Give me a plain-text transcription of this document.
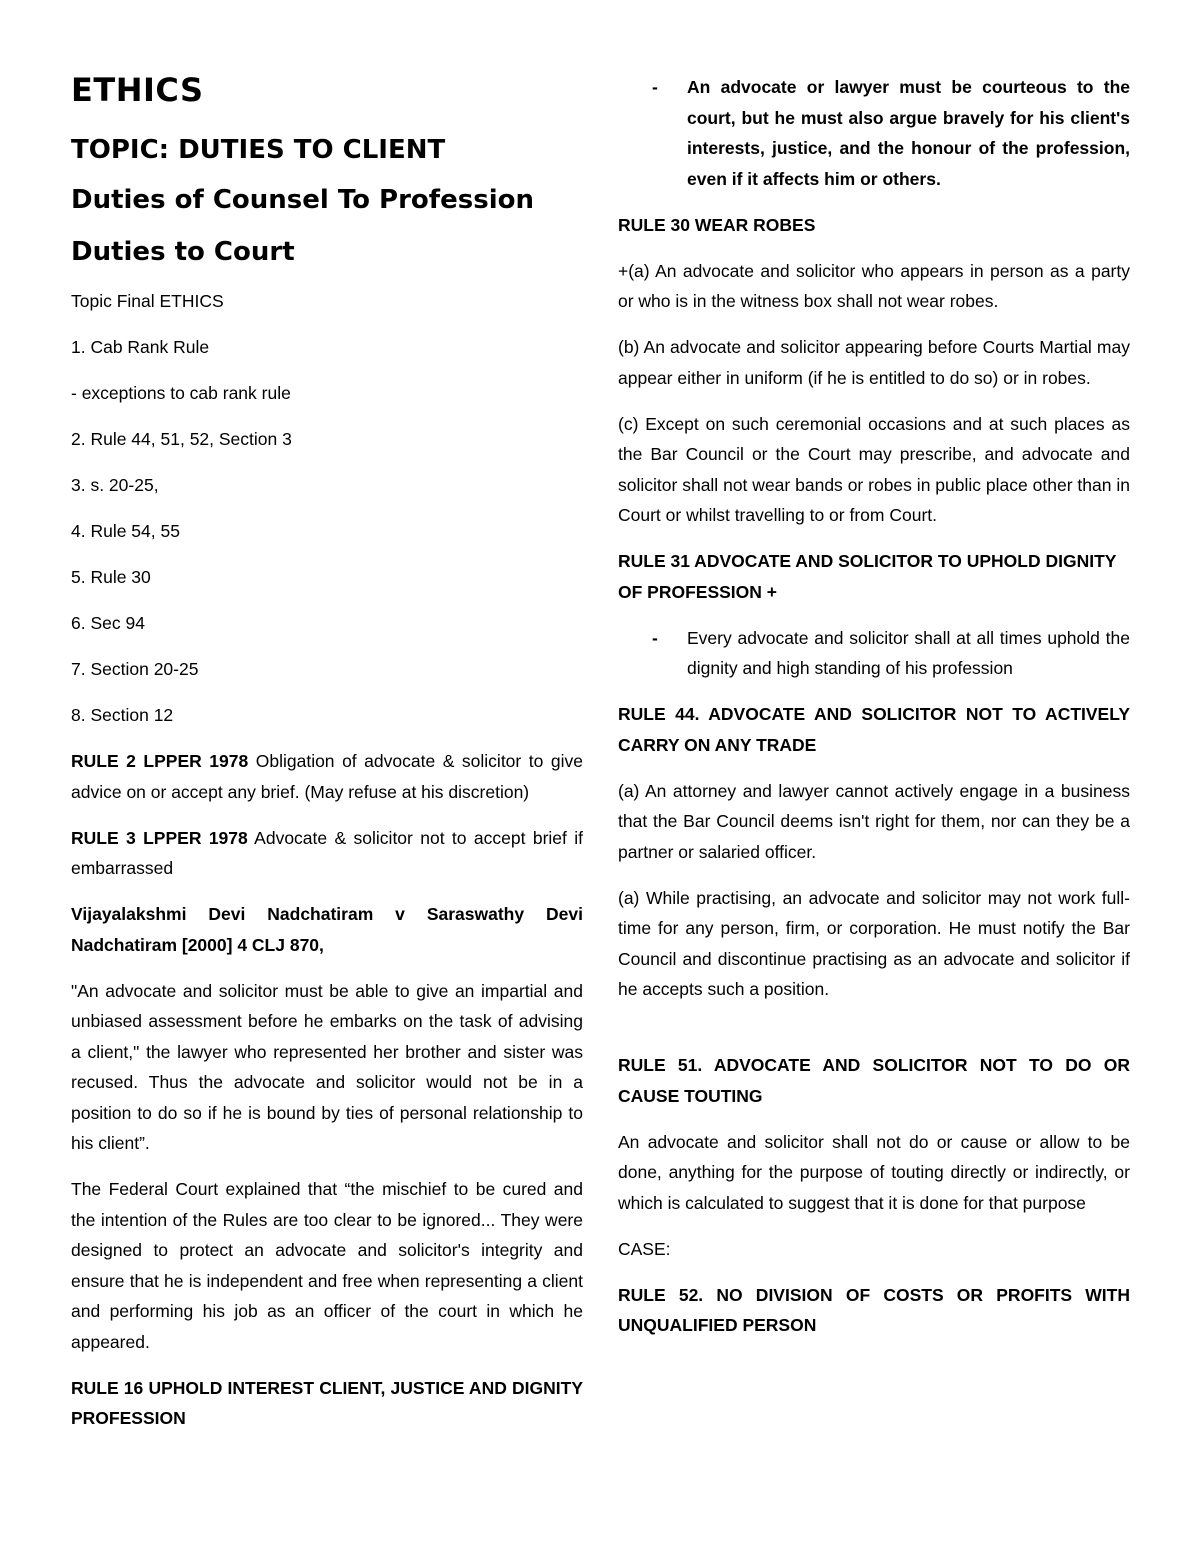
ETHICS
TOPIC: DUTIES TO CLIENT
Duties of Counsel To Profession
Duties to Court

Topic Final ETHICS

1. Cab Rank Rule

- exceptions to cab rank rule

2. Rule 44, 51, 52, Section 3

3. s. 20-25,

4. Rule 54, 55

5. Rule 30

6. Sec 94

7. Section 20-25

8. Section 12

RULE 2 LPPER 1978 Obligation of advocate & solicitor to give advice on or accept any brief. (May refuse at his discretion)

RULE 3 LPPER 1978 Advocate & solicitor not to accept brief if embarrassed

Vijayalakshmi Devi Nadchatiram v Saraswathy Devi Nadchatiram [2000] 4 CLJ 870,

"An advocate and solicitor must be able to give an impartial and unbiased assessment before he embarks on the task of advising a client," the lawyer who represented her brother and sister was recused. Thus the advocate and solicitor would not be in a position to do so if he is bound by ties of personal relationship to his client”.

The Federal Court explained that “the mischief to be cured and the intention of the Rules are too clear to be ignored... They were designed to protect an advocate and solicitor's integrity and ensure that he is independent and free when representing a client and performing his job as an officer of the court in which he appeared.

RULE 16 UPHOLD INTEREST CLIENT, JUSTICE AND DIGNITY PROFESSION

- An advocate or lawyer must be courteous to the court, but he must also argue bravely for his client's interests, justice, and the honour of the profession, even if it affects him or others.

RULE 30 WEAR ROBES

+(a) An advocate and solicitor who appears in person as a party or who is in the witness box shall not wear robes.

(b) An advocate and solicitor appearing before Courts Martial may appear either in uniform (if he is entitled to do so) or in robes.

(c) Except on such ceremonial occasions and at such places as the Bar Council or the Court may prescribe, and advocate and solicitor shall not wear bands or robes in public place other than in Court or whilst travelling to or from Court.

RULE 31 ADVOCATE AND SOLICITOR TO UPHOLD DIGNITY OF PROFESSION +

- Every advocate and solicitor shall at all times uphold the dignity and high standing of his profession

RULE 44. ADVOCATE AND SOLICITOR NOT TO ACTIVELY CARRY ON ANY TRADE

(a) An attorney and lawyer cannot actively engage in a business that the Bar Council deems isn't right for them, nor can they be a partner or salaried officer.

(a) While practising, an advocate and solicitor may not work full-time for any person, firm, or corporation. He must notify the Bar Council and discontinue practising as an advocate and solicitor if he accepts such a position.

RULE 51. ADVOCATE AND SOLICITOR NOT TO DO OR CAUSE TOUTING

An advocate and solicitor shall not do or cause or allow to be done, anything for the purpose of touting directly or indirectly, or which is calculated to suggest that it is done for that purpose

CASE:

RULE 52. NO DIVISION OF COSTS OR PROFITS WITH UNQUALIFIED PERSON
